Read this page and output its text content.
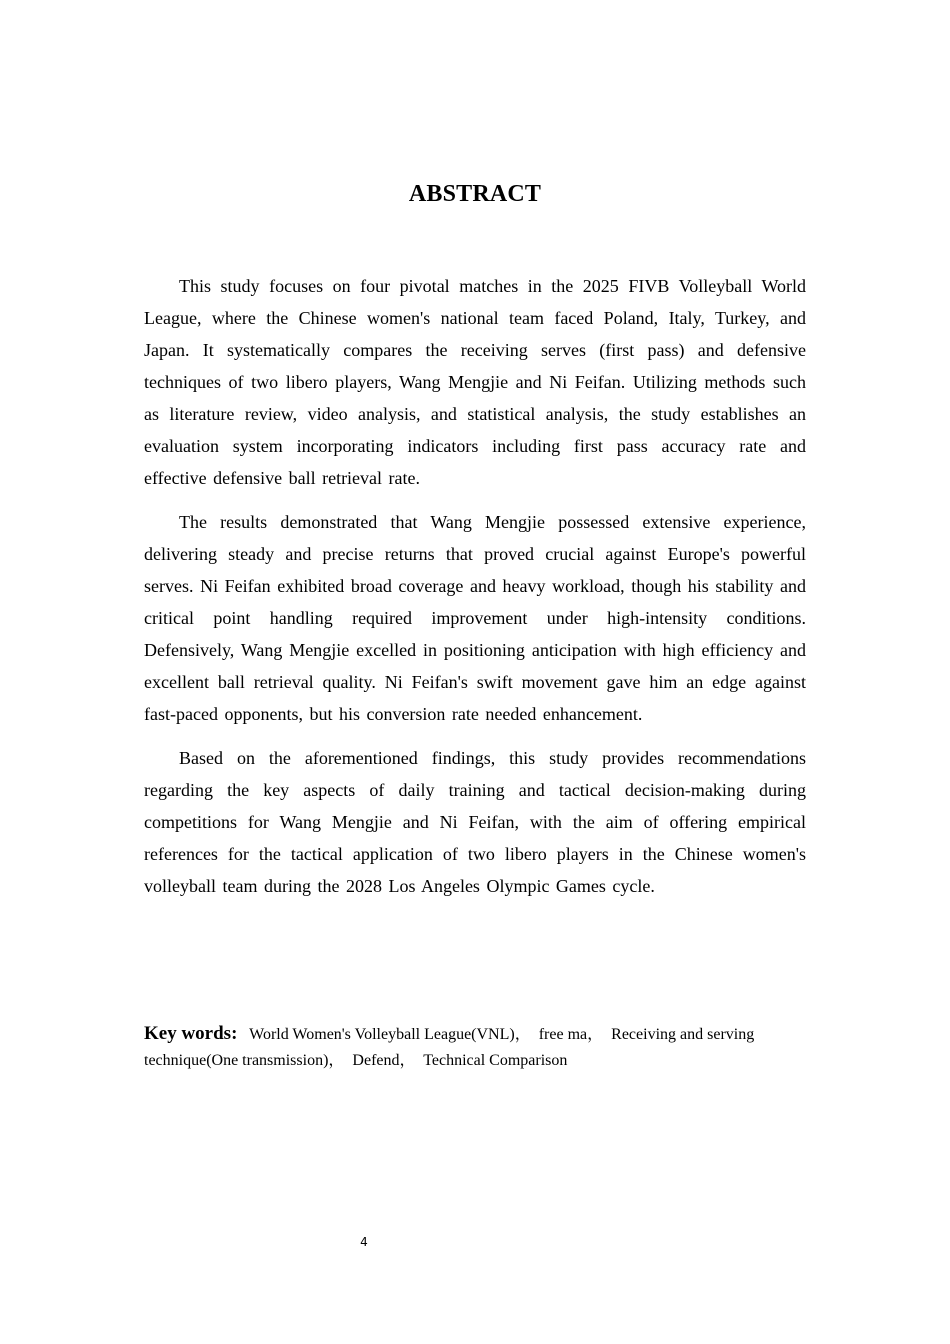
ABSTRACT

This study focuses on four pivotal matches in the 2025 FIVB Volleyball World League, where the Chinese women's national team faced Poland, Italy, Turkey, and Japan. It systematically compares the receiving serves (first pass) and defensive techniques of two libero players, Wang Mengjie and Ni Feifan. Utilizing methods such as literature review, video analysis, and statistical analysis, the study establishes an evaluation system incorporating indicators including first pass accuracy rate and effective defensive ball retrieval rate.

The results demonstrated that Wang Mengjie possessed extensive experience, delivering steady and precise returns that proved crucial against Europe's powerful serves. Ni Feifan exhibited broad coverage and heavy workload, though his stability and critical point handling required improvement under high-intensity conditions. Defensively, Wang Mengjie excelled in positioning anticipation with high efficiency and excellent ball retrieval quality. Ni Feifan's swift movement gave him an edge against fast-paced opponents, but his conversion rate needed enhancement.

Based on the aforementioned findings, this study provides recommendations regarding the key aspects of daily training and tactical decision-making during competitions for Wang Mengjie and Ni Feifan, with the aim of offering empirical references for the tactical application of two libero players in the Chinese women's volleyball team during the 2028 Los Angeles Olympic Games cycle.

Key words: World Women's Volleyball League(VNL)， free ma， Receiving and serving technique(One transmission)， Defend， Technical Comparison
4
